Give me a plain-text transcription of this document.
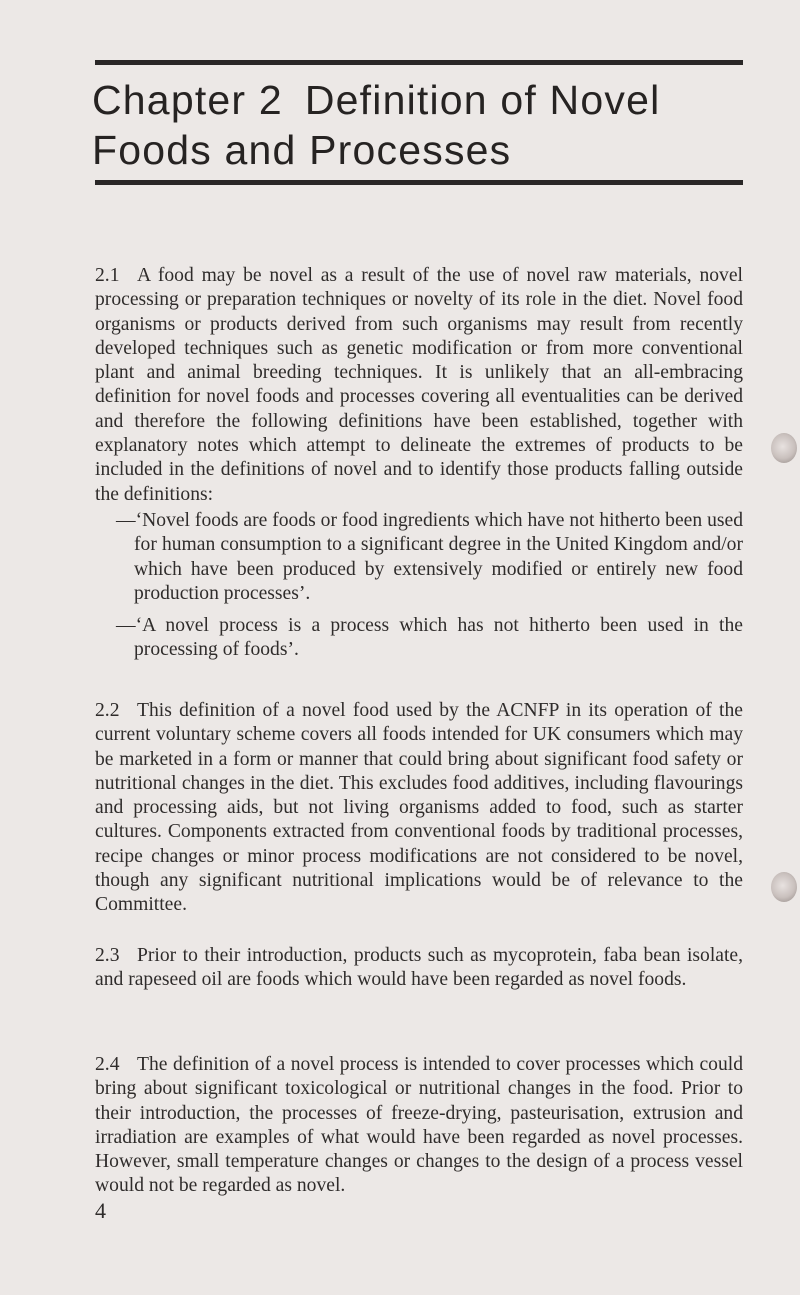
Chapter 2 Definition of Novel
Foods and Processes

2.1 A food may be novel as a result of the use of novel raw materials, novel processing or preparation techniques or novelty of its role in the diet. Novel food organisms or products derived from such organisms may result from recently developed techniques such as genetic modification or from more conventional plant and animal breeding techniques. It is unlikely that an all-embracing definition for novel foods and processes covering all eventualities can be derived and therefore the following definitions have been established, together with explanatory notes which attempt to delineate the extremes of products to be included in the definitions of novel and to identify those products falling outside the definitions:

—‘Novel foods are foods or food ingredients which have not hitherto been used for human consumption to a significant degree in the United Kingdom and/or which have been produced by extensively modified or entirely new food production processes’.

—‘A novel process is a process which has not hitherto been used in the processing of foods’.

2.2 This definition of a novel food used by the ACNFP in its operation of the current voluntary scheme covers all foods intended for UK consumers which may be marketed in a form or manner that could bring about significant food safety or nutritional changes in the diet. This excludes food additives, including flavourings and processing aids, but not living organisms added to food, such as starter cultures. Components extracted from conventional foods by traditional processes, recipe changes or minor process modifications are not considered to be novel, though any significant nutritional implications would be of relevance to the Committee.

2.3 Prior to their introduction, products such as mycoprotein, faba bean isolate, and rapeseed oil are foods which would have been regarded as novel foods.

2.4 The definition of a novel process is intended to cover processes which could bring about significant toxicological or nutritional changes in the food. Prior to their introduction, the processes of freeze-drying, pasteurisation, extrusion and irradiation are examples of what would have been regarded as novel processes. However, small temperature changes or changes to the design of a process vessel would not be regarded as novel.

4
